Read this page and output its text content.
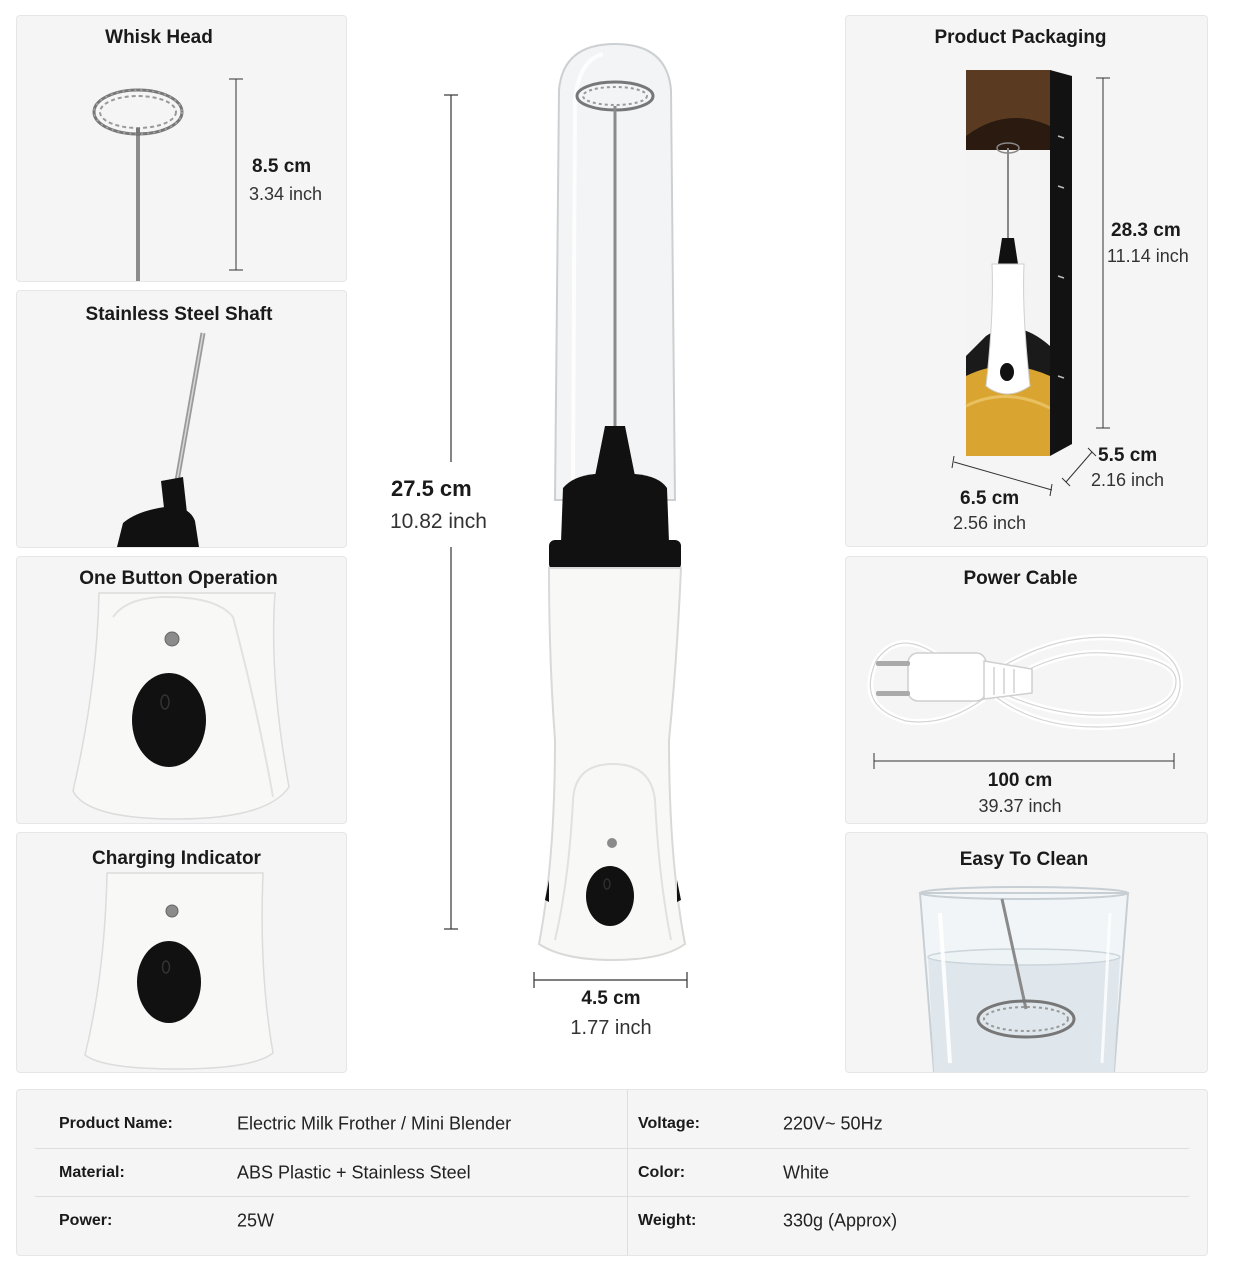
Whisk Head
8.5 cm
3.34 inch
Stainless Steel Shaft
One Button Operation
Charging Indicator
27.5 cm
10.82 inch
4.5 cm
1.77 inch
Product Packaging
28.3 cm
11.14 inch
5.5 cm
2.16 inch
6.5 cm
2.56 inch
Power Cable
100 cm
39.37 inch
Easy To Clean
Product Name:	Electric Milk Frother / Mini Blender	Voltage:	220V~ 50Hz
Material:	ABS Plastic + Stainless Steel	Color:	White
Power:	25W	Weight:	330g (Approx)
